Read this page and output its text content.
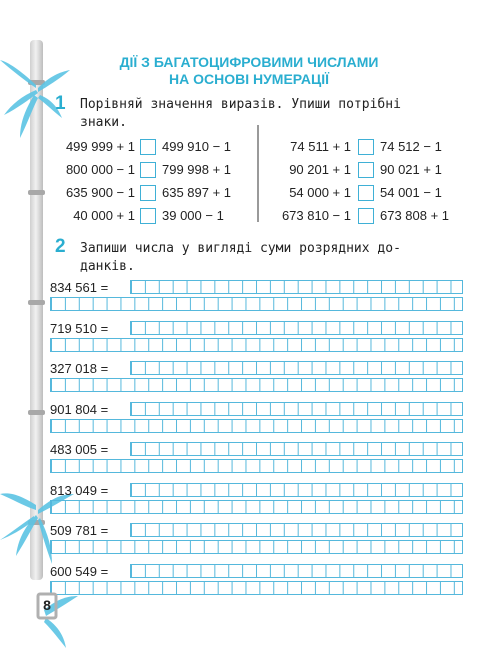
ДІЇ З БАГАТОЦИФРОВИМИ ЧИСЛАМИ
НА ОСНОВІ НУМЕРАЦІЇ
1 Порівняй значення виразів. Упиши потрібні
знаки.
499 999 + 1 499 910 − 1	74 511 + 1 74 512 − 1
800 000 − 1 799 998 + 1	90 201 + 1 90 021 + 1
635 900 − 1 635 897 + 1	54 000 + 1 54 001 − 1
40 000 + 1 39 000 − 1	673 810 − 1 673 808 + 1
2 Запиши числа у вигляді суми розрядних до-
данків.
834 561 =
719 510 =
327 018 =
901 804 =
483 005 =
813 049 =
509 781 =
600 549 =
8
